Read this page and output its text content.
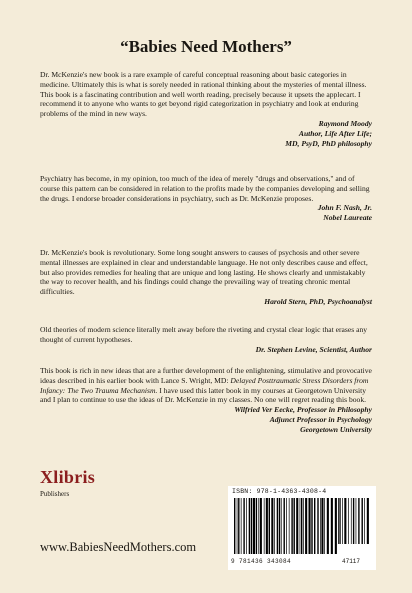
“Babies Need Mothers”

Dr. McKenzie's new book is a rare example of careful conceptual reasoning about basic categories in medicine. Ultimately this is what is sorely needed in rational thinking about the mysteries of mental illness. This book is a fascinating contribution and well worth reading, precisely because it upsets the applecart. I recommend it to anyone who wants to get beyond rigid categorization in psychiatry and look at enduring problems of the mind in new ways.

Raymond Moody
Author, Life After Life;
MD, PsyD, PhD philosophy

Psychiatry has become, in my opinion, too much of the idea of merely "drugs and observations," and of course this pattern can be considered in relation to the profits made by the companies developing and selling the drugs. I endorse broader considerations in psychiatry, such as Dr. McKenzie proposes.

John F. Nash, Jr.
Nobel Laureate

Dr. McKenzie's book is revolutionary. Some long sought answers to causes of psychosis and other severe mental illnesses are explained in clear and understandable language. He not only describes cause and effect, but also provides remedies for healing that are unique and long lasting. He shows clearly and unmistakably the way to recover health, and his findings could change the prevailing way of treating chronic mental difficulties.

Harold Stern, PhD, Psychoanalyst

Old theories of modern science literally melt away before the riveting and crystal clear logic that erases any thought of current hypotheses.

Dr. Stephen Levine, Scientist, Author

This book is rich in new ideas that are a further development of the enlightening, stimulative and provocative ideas described in his earlier book with Lance S. Wright, MD: Delayed Posttraumatic Stress Disorders from Infancy: The Two Trauma Mechanism. I have used this latter book in my courses at Georgetown University and I plan to continue to use the ideas of Dr. McKenzie in my classes. No one will regret reading this book.

Wilfried Ver Eecke, Professor in Philosophy
Adjunct Professor in Psychology
Georgetown University
Xlibris
Publishers
www.BabiesNeedMothers.com
ISBN: 978-1-4363-4308-4
9 781436 343084	47117
